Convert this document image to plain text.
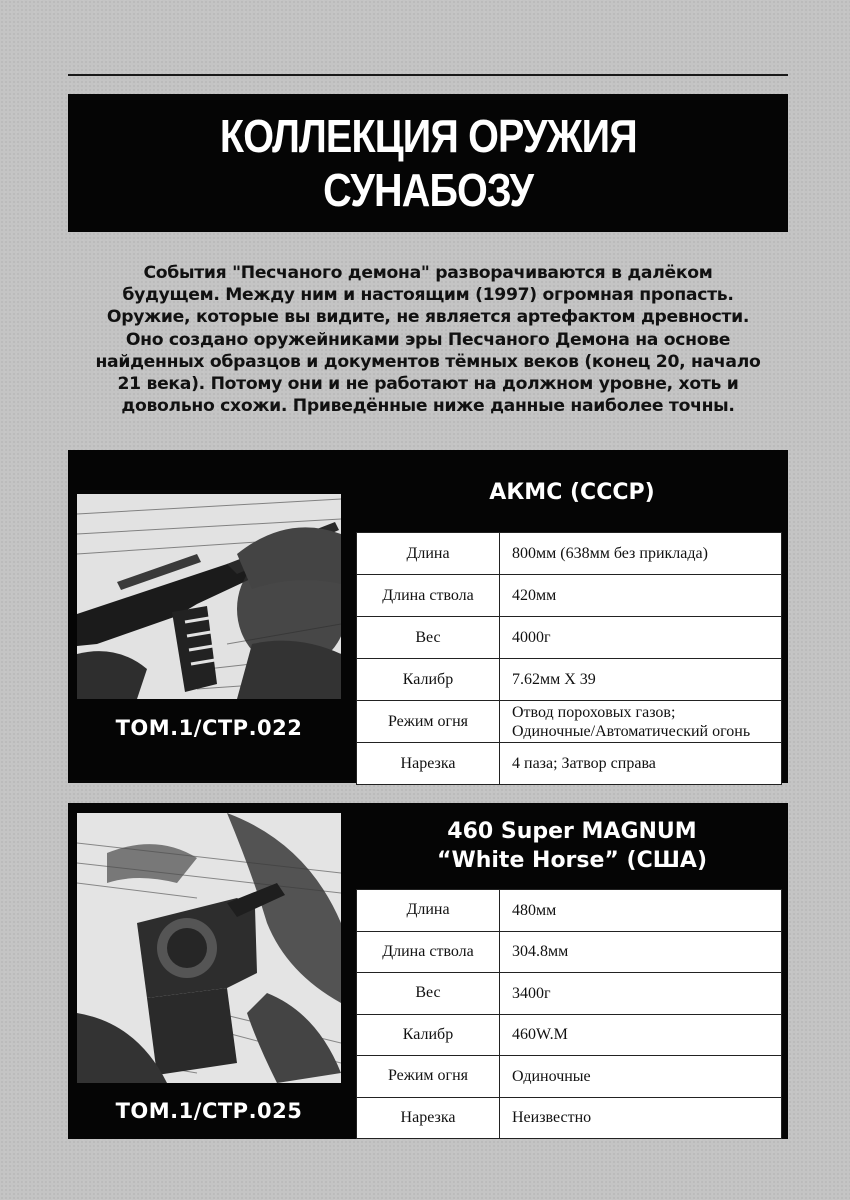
КОЛЛЕКЦИЯ ОРУЖИЯ
СУНАБОЗУ
События "Песчаного демона" разворачиваются в далёком
будущем. Между ним и настоящим (1997) огромная пропасть.
Оружие, которые вы видите, не является артефактом древности.
Оно создано оружейниками эры Песчаного Демона на основе
найденных образцов и документов тёмных веков (конец 20, начало
21 века). Потому они и не работают на должном уровне, хоть и
довольно схожи. Приведённые ниже данные наиболее точны.
ТОМ.1/СТР.022
АКМС (СССР)
Длина	800мм (638мм без приклада)
Длина ствола	420мм
Вес	4000г
Калибр	7.62мм Х 39
Режим огня	Отвод пороховых газов;
Одиночные/Автоматический огонь

Нарезка	4 паза; Затвор справа
ТОМ.1/СТР.025
460 Super MAGNUM
“White Horse” (США)
Длина	480мм
Длина ствола	304.8мм
Вес	3400г
Калибр	460W.M
Режим огня	Одиночные
Нарезка	Неизвестно
